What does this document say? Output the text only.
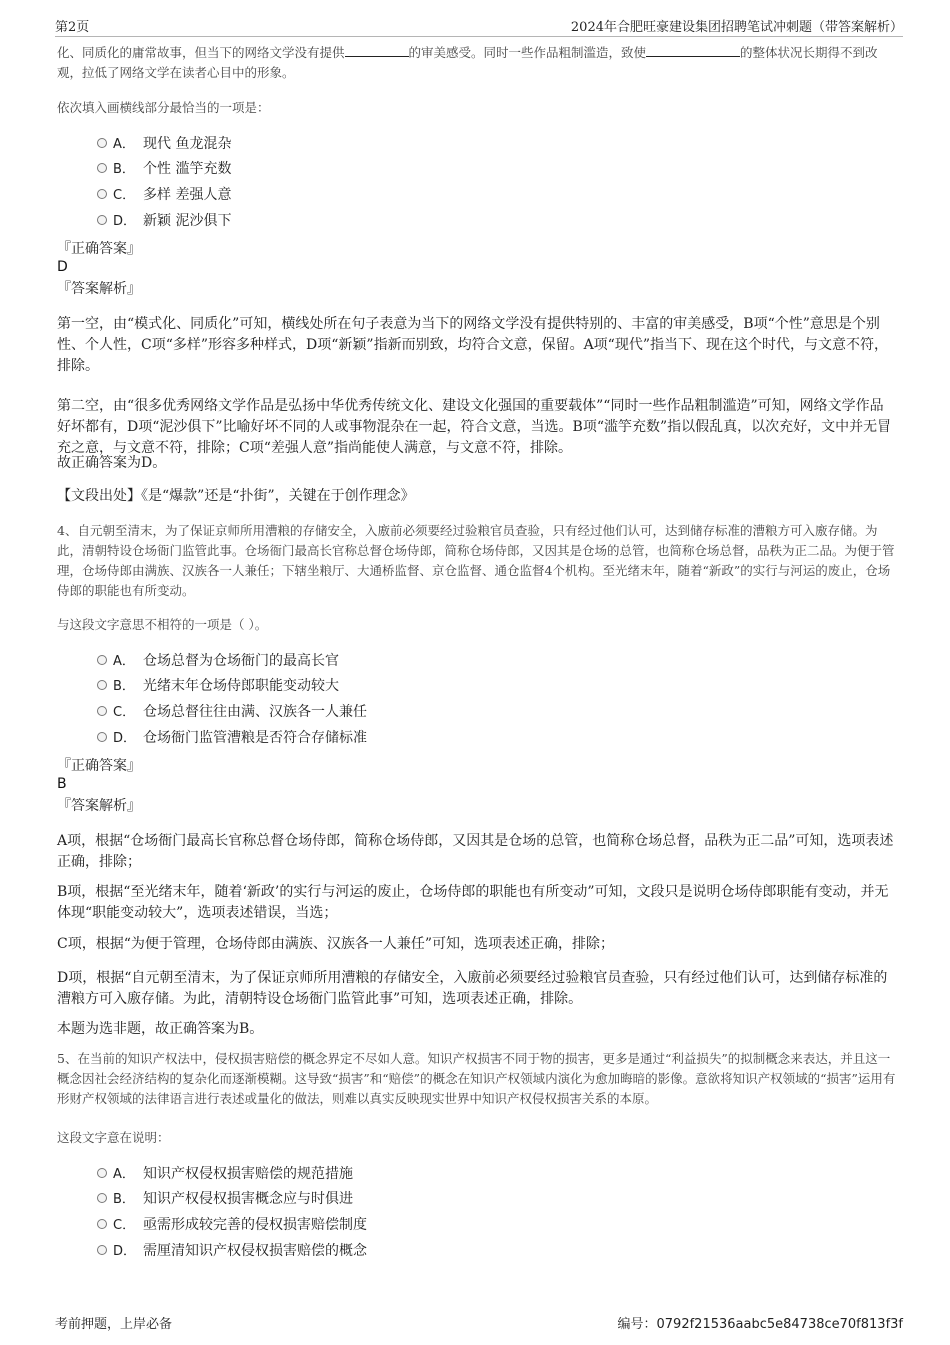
第2页	2024年合肥旺豪建设集团招聘笔试冲刺题（带答案解析）
化、同质化的庸常故事，但当下的网络文学没有提供	的审美感受。同时一些作品粗制滥造，致使	的整体状况长期得不到改观，拉低了网络文学在读者心目中的形象。
依次填入画横线部分最恰当的一项是：
A． 现代 鱼龙混杂
B． 个性 滥竽充数
C． 多样 差强人意
D． 新颖 泥沙俱下
『正确答案』
D
『答案解析』
第一空，由“模式化、同质化”可知，横线处所在句子表意为当下的网络文学没有提供特别的、丰富的审美感受，B项“个性”意思是个别性、个人性，C项“多样”形容多种样式，D项“新颖”指新而别致，均符合文意，保留。A项“现代”指当下、现在这个时代，与文意不符，排除。
第二空，由“很多优秀网络文学作品是弘扬中华优秀传统文化、建设文化强国的重要载体”“同时一些作品粗制滥造”可知，网络文学作品好坏都有，D项“泥沙俱下”比喻好坏不同的人或事物混杂在一起，符合文意，当选。B项“滥竽充数”指以假乱真，以次充好，文中并无冒充之意，与文意不符，排除；C项“差强人意”指尚能使人满意，与文意不符，排除。
故正确答案为D。
【文段出处】《是“爆款”还是“扑街”，关键在于创作理念》
4、自元朝至清末，为了保证京师所用漕粮的存储安全，入廒前必须要经过验粮官员查验，只有经过他们认可，达到储存标准的漕粮方可入廒存储。为此，清朝特设仓场衙门监管此事。仓场衙门最高长官称总督仓场侍郎，简称仓场侍郎，又因其是仓场的总管，也简称仓场总督，品秩为正二品。为便于管理，仓场侍郎由满族、汉族各一人兼任；下辖坐粮厅、大通桥监督、京仓监督、通仓监督4个机构。至光绪末年，随着“新政”的实行与河运的废止，仓场侍郎的职能也有所变动。
与这段文字意思不相符的一项是（ ）。
A． 仓场总督为仓场衙门的最高长官
B． 光绪末年仓场侍郎职能变动较大
C． 仓场总督往往由满、汉族各一人兼任
D． 仓场衙门监管漕粮是否符合存储标准
『正确答案』
B
『答案解析』
A项，根据“仓场衙门最高长官称总督仓场侍郎，简称仓场侍郎，又因其是仓场的总管，也简称仓场总督，品秩为正二品”可知，选项表述正确，排除；
B项，根据“至光绪末年，随着‘新政’的实行与河运的废止，仓场侍郎的职能也有所变动”可知，文段只是说明仓场侍郎职能有变动，并无体现“职能变动较大”，选项表述错误，当选；
C项，根据“为便于管理，仓场侍郎由满族、汉族各一人兼任”可知，选项表述正确，排除；
D项，根据“自元朝至清末，为了保证京师所用漕粮的存储安全，入廒前必须要经过验粮官员查验，只有经过他们认可，达到储存标准的漕粮方可入廒存储。为此，清朝特设仓场衙门监管此事”可知，选项表述正确，排除。
本题为选非题，故正确答案为B。
5、在当前的知识产权法中，侵权损害赔偿的概念界定不尽如人意。知识产权损害不同于物的损害，更多是通过“利益损失”的拟制概念来表达，并且这一概念因社会经济结构的复杂化而逐渐模糊。这导致“损害”和“赔偿”的概念在知识产权领域内演化为愈加晦暗的影像。意欲将知识产权领域的“损害”运用有形财产权领域的法律语言进行表述或量化的做法，则难以真实反映现实世界中知识产权侵权损害关系的本原。
这段文字意在说明：
A． 知识产权侵权损害赔偿的规范措施
B． 知识产权侵权损害概念应与时俱进
C． 亟需形成较完善的侵权损害赔偿制度
D． 需厘清知识产权侵权损害赔偿的概念
考前押题，上岸必备	编号：0792f21536aabc5e84738ce70f813f3f
